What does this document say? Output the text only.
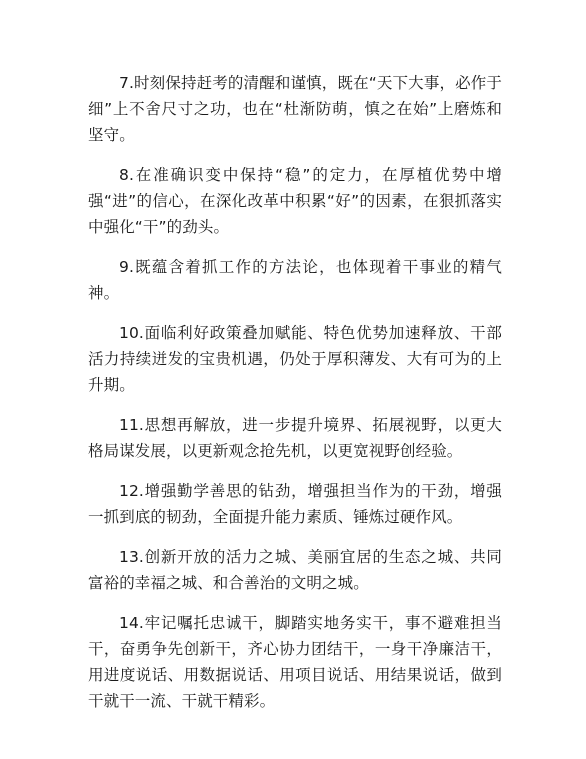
7.时刻保持赶考的清醒和谨慎，既在“天下大事，必作于细”上不舍尺寸之功，也在“杜渐防萌，慎之在始”上磨炼和坚守。

8.在准确识变中保持“稳”的定力，在厚植优势中增强“进”的信心，在深化改革中积累“好”的因素，在狠抓落实中强化“干”的劲头。

9.既蕴含着抓工作的方法论，也体现着干事业的精气神。

10.面临利好政策叠加赋能、特色优势加速释放、干部活力持续迸发的宝贵机遇，仍处于厚积薄发、大有可为的上升期。

11.思想再解放，进一步提升境界、拓展视野，以更大格局谋发展，以更新观念抢先机，以更宽视野创经验。

12.增强勤学善思的钻劲，增强担当作为的干劲，增强一抓到底的韧劲，全面提升能力素质、锤炼过硬作风。

13.创新开放的活力之城、美丽宜居的生态之城、共同富裕的幸福之城、和合善治的文明之城。

14.牢记嘱托忠诚干，脚踏实地务实干，事不避难担当干，奋勇争先创新干，齐心协力团结干，一身干净廉洁干，用进度说话、用数据说话、用项目说话、用结果说话，做到干就干一流、干就干精彩。
